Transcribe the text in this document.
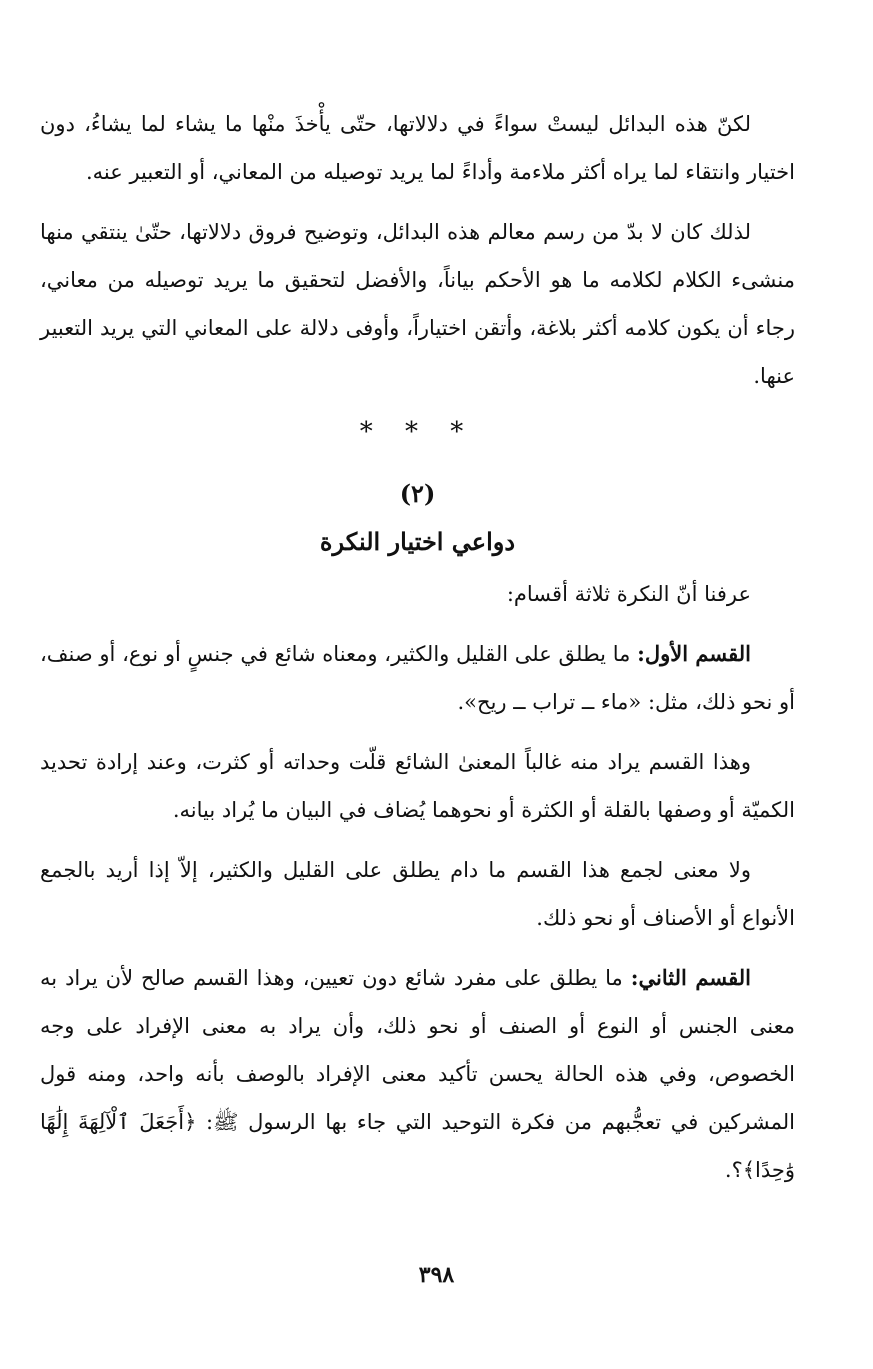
لكنّ هذه البدائل ليستْ سواءً في دلالاتها، حتّى يأْخذَ منْها ما يشاء لما يشاءُ، دون اختيار وانتقاء لما يراه أكثر ملاءمة وأداءً لما يريد توصيله من المعاني، أو التعبير عنه.

لذلك كان لا بدّ من رسم معالم هذه البدائل، وتوضيح فروق دلالاتها، حتّىٰ ينتقي منها منشىء الكلام لكلامه ما هو الأحكم بياناً، والأفضل لتحقيق ما يريد توصيله من معاني، رجاء أن يكون كلامه أكثر بلاغة، وأتقن اختياراً، وأوفى دلالة على المعاني التي يريد التعبير عنها.

* * *
(٢)
دواعي اختيار النكرة

عرفنا أنّ النكرة ثلاثة أقسام:

القسم الأول: ما يطلق على القليل والكثير، ومعناه شائع في جنسٍ أو نوع، أو صنف، أو نحو ذلك، مثل: «ماء ــ تراب ــ ريح».

وهذا القسم يراد منه غالباً المعنىٰ الشائع قلّت وحداته أو كثرت، وعند إرادة تحديد الكميّة أو وصفها بالقلة أو الكثرة أو نحوهما يُضاف في البيان ما يُراد بيانه.

ولا معنى لجمع هذا القسم ما دام يطلق على القليل والكثير، إلاّ إذا أريد بالجمع الأنواع أو الأصناف أو نحو ذلك.

القسم الثاني: ما يطلق على مفرد شائع دون تعيين، وهذا القسم صالح لأن يراد به معنى الجنس أو النوع أو الصنف أو نحو ذلك، وأن يراد به معنى الإفراد على وجه الخصوص، وفي هذه الحالة يحسن تأكيد معنى الإفراد بالوصف بأنه واحد، ومنه قول المشركين في تعجُّبهم من فكرة التوحيد التي جاء بها الرسول ﷺ: ﴿أَجَعَلَ ٱلْآلِهَةَ إِلَٰهًا وَٰحِدًا﴾؟.

٣٩٨
